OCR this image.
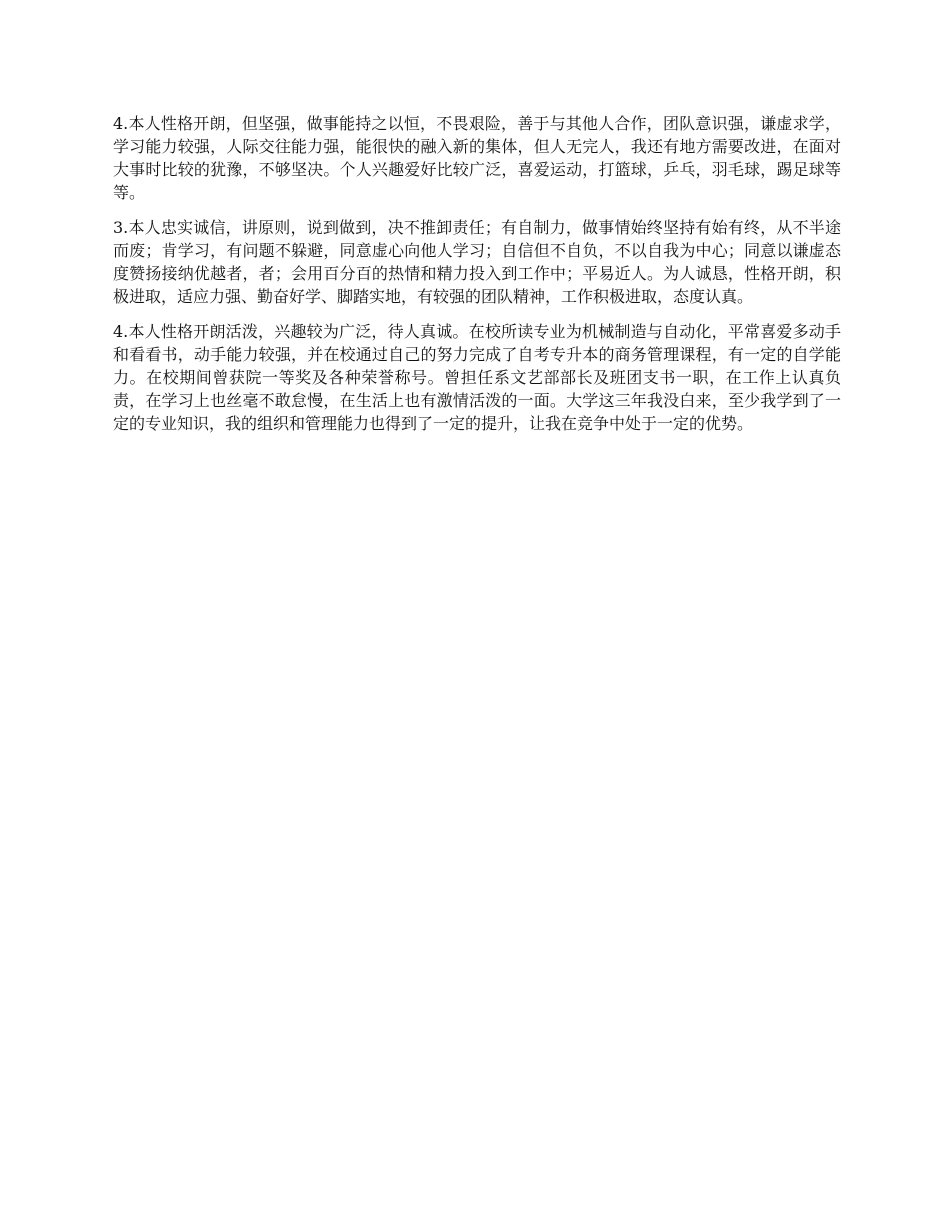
4.本人性格开朗，但坚强，做事能持之以恒，不畏艰险，善于与其他人合作，团队意识强，谦虚求学，学习能力较强，人际交往能力强，能很快的融入新的集体，但人无完人，我还有地方需要改进，在面对大事时比较的犹豫，不够坚决。个人兴趣爱好比较广泛，喜爱运动，打篮球，乒乓，羽毛球，踢足球等等。

3.本人忠实诚信，讲原则，说到做到，决不推卸责任；有自制力，做事情始终坚持有始有终，从不半途而废；肯学习，有问题不躲避，同意虚心向他人学习；自信但不自负，不以自我为中心；同意以谦虚态度赞扬接纳优越者，者；会用百分百的热情和精力投入到工作中；平易近人。为人诚恳，性格开朗，积极进取，适应力强、勤奋好学、脚踏实地，有较强的团队精神，工作积极进取，态度认真。

4.本人性格开朗活泼，兴趣较为广泛，待人真诚。在校所读专业为机械制造与自动化，平常喜爱多动手和看看书，动手能力较强，并在校通过自己的努力完成了自考专升本的商务管理课程，有一定的自学能力。在校期间曾获院一等奖及各种荣誉称号。曾担任系文艺部部长及班团支书一职，在工作上认真负责，在学习上也丝毫不敢怠慢，在生活上也有激情活泼的一面。大学这三年我没白来，至少我学到了一定的专业知识，我的组织和管理能力也得到了一定的提升，让我在竞争中处于一定的优势。
